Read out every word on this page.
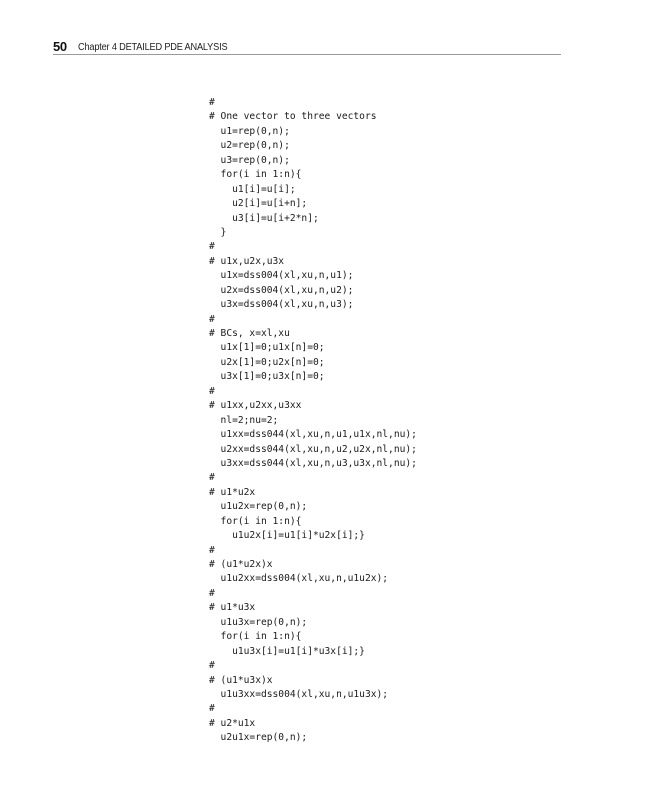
50 Chapter 4 DETAILED PDE ANALYSIS
#
# One vector to three vectors
u1=rep(0,n);
u2=rep(0,n);
u3=rep(0,n);
for(i in 1:n){
u1[i]=u[i];
u2[i]=u[i+n];
u3[i]=u[i+2*n];
}
#
# u1x,u2x,u3x
u1x=dss004(xl,xu,n,u1);
u2x=dss004(xl,xu,n,u2);
u3x=dss004(xl,xu,n,u3);
#
# BCs, x=xl,xu
u1x[1]=0;u1x[n]=0;
u2x[1]=0;u2x[n]=0;
u3x[1]=0;u3x[n]=0;
#
# u1xx,u2xx,u3xx
nl=2;nu=2;
u1xx=dss044(xl,xu,n,u1,u1x,nl,nu);
u2xx=dss044(xl,xu,n,u2,u2x,nl,nu);
u3xx=dss044(xl,xu,n,u3,u3x,nl,nu);
#
# u1*u2x
u1u2x=rep(0,n);
for(i in 1:n){
u1u2x[i]=u1[i]*u2x[i];}
#
# (u1*u2x)x
u1u2xx=dss004(xl,xu,n,u1u2x);
#
# u1*u3x
u1u3x=rep(0,n);
for(i in 1:n){
u1u3x[i]=u1[i]*u3x[i];}
#
# (u1*u3x)x
u1u3xx=dss004(xl,xu,n,u1u3x);
#
# u2*u1x
u2u1x=rep(0,n);
